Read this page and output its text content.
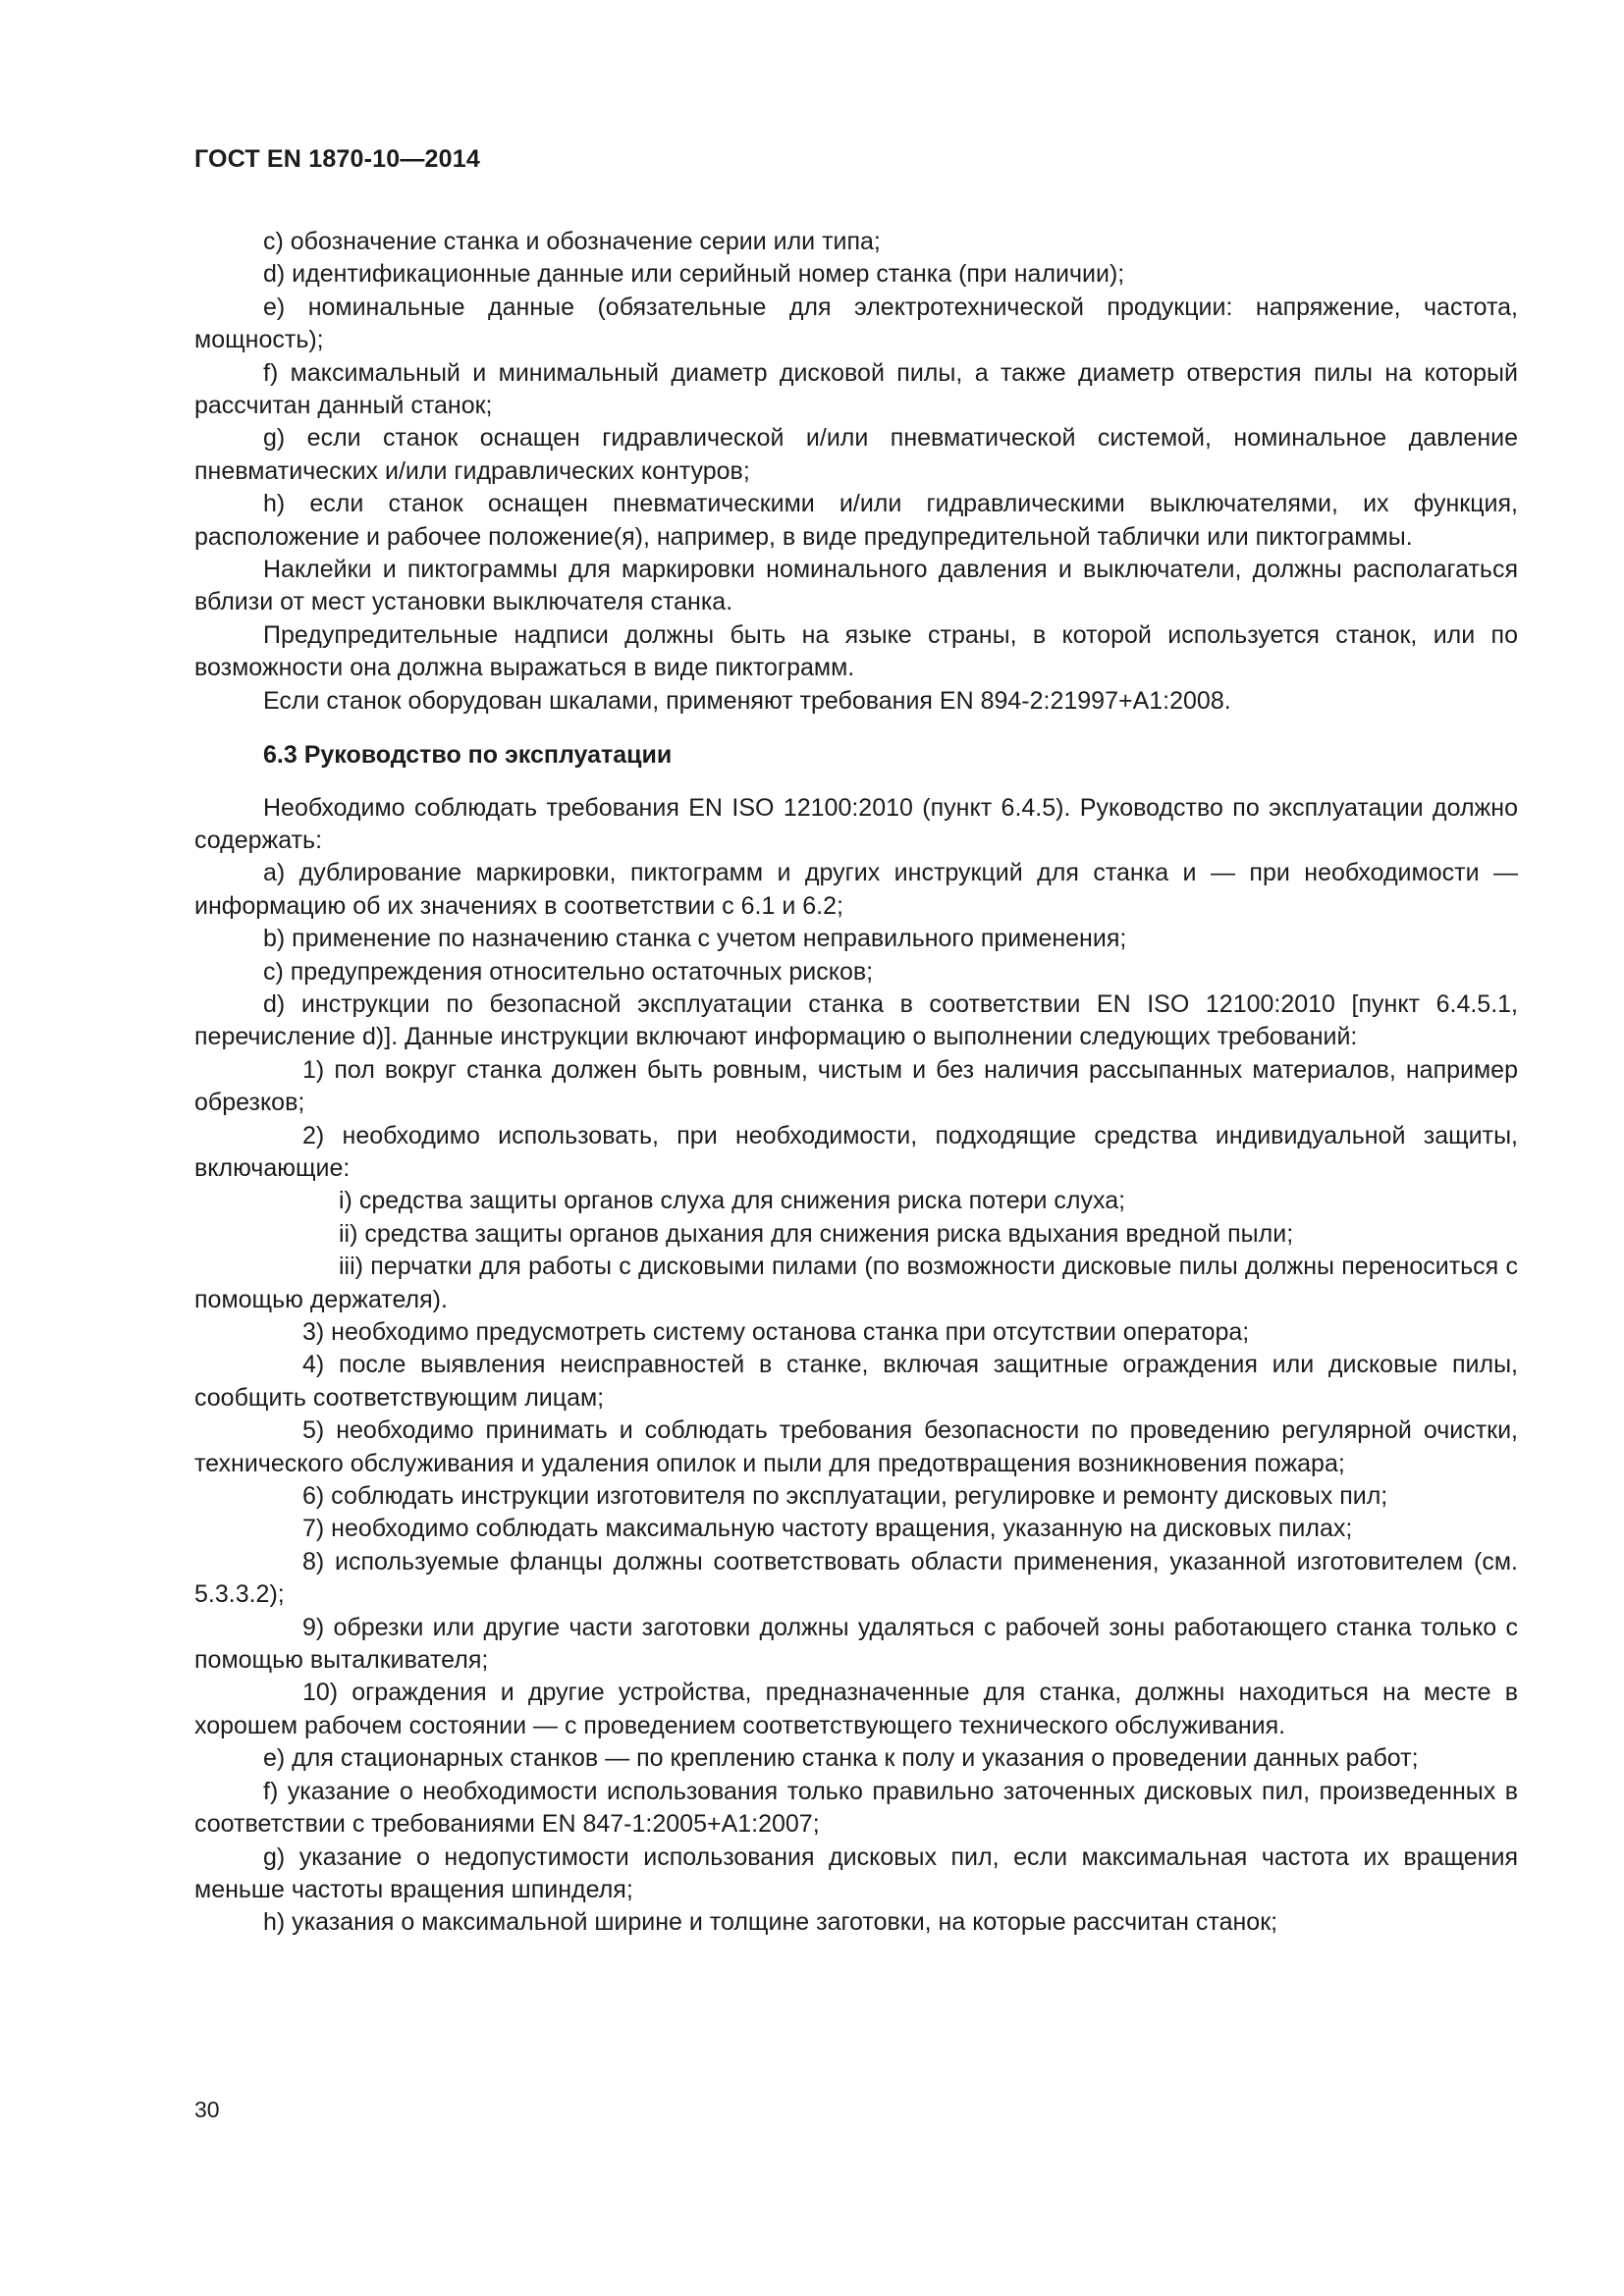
ГОСТ EN 1870-10—2014

c) обозначение станка и обозначение серии или типа;

d) идентификационные данные или серийный номер станка (при наличии);

e) номинальные данные (обязательные для электротехнической продукции: напряжение, частота, мощность);

f) максимальный и минимальный диаметр дисковой пилы, а также диаметр отверстия пилы на который рассчитан данный станок;

g) если станок оснащен гидравлической и/или пневматической системой, номинальное давление пневматических и/или гидравлических контуров;

h) если станок оснащен пневматическими и/или гидравлическими выключателями, их функция, расположение и рабочее положение(я), например, в виде предупредительной таблички или пиктограммы.

Наклейки и пиктограммы для маркировки номинального давления и выключатели, должны располагаться вблизи от мест установки выключателя станка.

Предупредительные надписи должны быть на языке страны, в которой используется станок, или по возможности она должна выражаться в виде пиктограмм.

Если станок оборудован шкалами, применяют требования EN 894-2:21997+A1:2008.

6.3 Руководство по эксплуатации

Необходимо соблюдать требования EN ISO 12100:2010 (пункт 6.4.5). Руководство по эксплуатации должно содержать:

a) дублирование маркировки, пиктограмм и других инструкций для станка и — при необходимости — информацию об их значениях в соответствии с 6.1 и 6.2;

b) применение по назначению станка с учетом неправильного применения;

c) предупреждения относительно остаточных рисков;

d) инструкции по безопасной эксплуатации станка в соответствии EN ISO 12100:2010 [пункт 6.4.5.1, перечисление d)]. Данные инструкции включают информацию о выполнении следующих требований:

1) пол вокруг станка должен быть ровным, чистым и без наличия рассыпанных материалов, например обрезков;

2) необходимо использовать, при необходимости, подходящие средства индивидуальной защиты, включающие:

i) средства защиты органов слуха для снижения риска потери слуха;

ii) средства защиты органов дыхания для снижения риска вдыхания вредной пыли;

iii) перчатки для работы с дисковыми пилами (по возможности дисковые пилы должны переноситься с помощью держателя).

3) необходимо предусмотреть систему останова станка при отсутствии оператора;

4) после выявления неисправностей в станке, включая защитные ограждения или дисковые пилы, сообщить соответствующим лицам;

5) необходимо принимать и соблюдать требования безопасности по проведению регулярной очистки, технического обслуживания и удаления опилок и пыли для предотвращения возникновения пожара;

6) соблюдать инструкции изготовителя по эксплуатации, регулировке и ремонту дисковых пил;

7) необходимо соблюдать максимальную частоту вращения, указанную на дисковых пилах;

8) используемые фланцы должны соответствовать области применения, указанной изготовителем (см. 5.3.3.2);

9) обрезки или другие части заготовки должны удаляться с рабочей зоны работающего станка только с помощью выталкивателя;

10) ограждения и другие устройства, предназначенные для станка, должны находиться на месте в хорошем рабочем состоянии — с проведением соответствующего технического обслуживания.

e) для стационарных станков — по креплению станка к полу и указания о проведении данных работ;

f) указание о необходимости использования только правильно заточенных дисковых пил, произведенных в соответствии с требованиями EN 847-1:2005+A1:2007;

g) указание о недопустимости использования дисковых пил, если максимальная частота их вращения меньше частоты вращения шпинделя;

h) указания о максимальной ширине и толщине заготовки, на которые рассчитан станок;

30
